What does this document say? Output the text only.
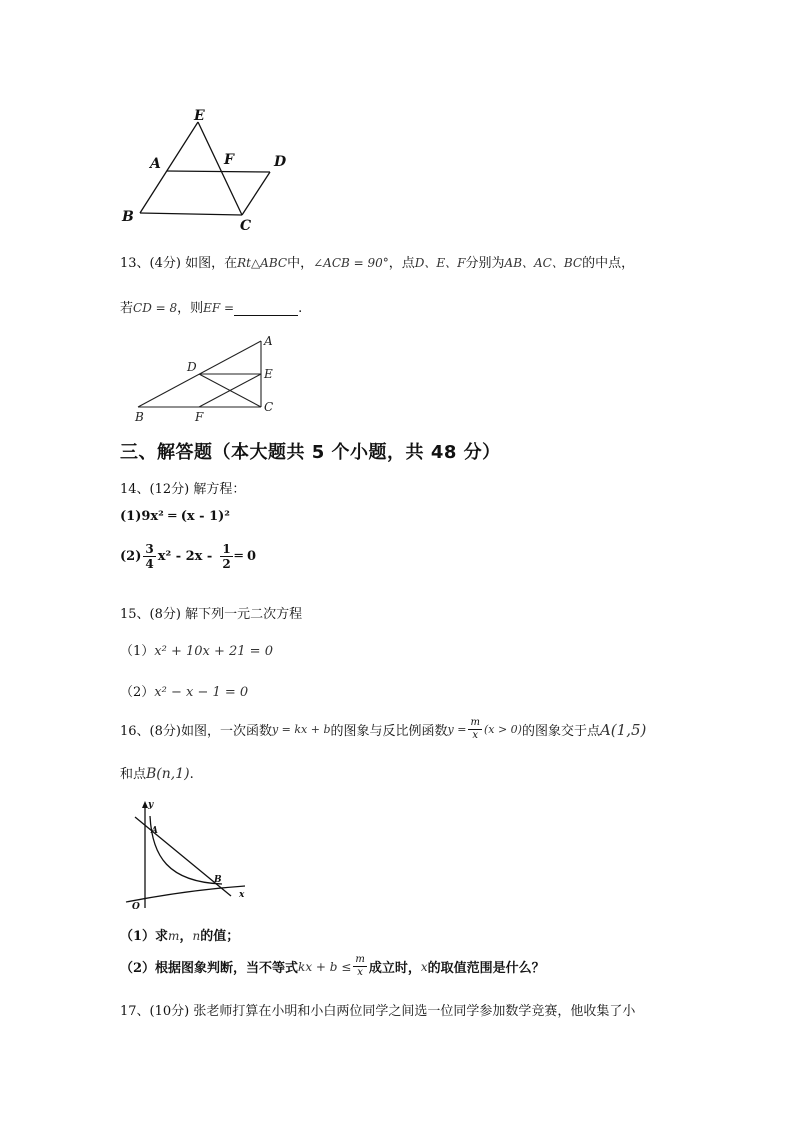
E
A	F	D
B
C
13、(4分) 如图，在Rt△ABC中，∠ACB = 90°，点D、E、F分别为AB、AC、BC的中点，
若CD = 8，则EF =	.
A
D	E
B	F
C
三、解答题（本大题共 5 个小题，共 48 分）
14、(12分) 解方程：
(1)9x² ═ (x - 1)²
$(2) \frac{3}{4} x^2 - 2x - \frac{1}{2}$ ═ 0
15、(8分) 解下列一元二次方程
（1）x² + 10x + 21 = 0
（2）x² − x − 1 = 0
16、(8分)如图，一次函数 y = kx + b 的图象与反比例函数 $y = \frac{m}{x} (x > 0)$ 的图象交于点 A(1,5)
和点B(n,1).
y
A
B
O
x
（1）求m，n的值；
（2）根据图象判断，当不等式 kx + $b \le \frac{m}{x}$ 成立时， x 的取值范围是什么？
17、(10分) 张老师打算在小明和小白两位同学之间选一位同学参加数学竞赛，他收集了小
